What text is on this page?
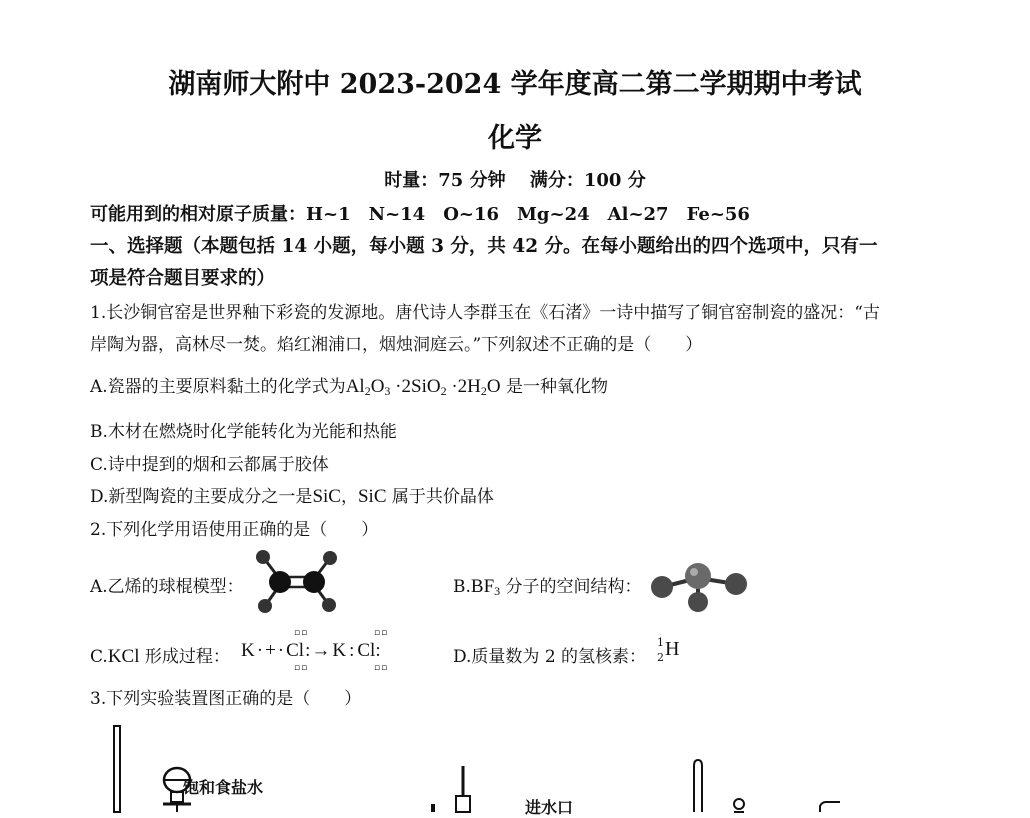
湖南师大附中 2023-2024 学年度高二第二学期期中考试
化学
时量：75 分钟　 满分：100 分
可能用到的相对原子质量：H~1　N~14　O~16　Mg~24　Al~27　Fe~56
一、选择题（本题包括 14 小题，每小题 3 分，共 42 分。在每小题给出的四个选项中，只有一
项是符合题目要求的）
1.长沙铜官窑是世界釉下彩瓷的发源地。唐代诗人李群玉在《石渚》一诗中描写了铜官窑制瓷的盛况：“古
岸陶为器，高林尽一焚。焰红湘浦口，烟烛洞庭云。”下列叙述不正确的是（　　）
A.瓷器的主要原料黏土的化学式为$Al_2O_3 \cdot 2SiO_2 \cdot 2H_2O$ 是一种氧化物
B.木材在燃烧时化学能转化为光能和热能
C.诗中提到的烟和云都属于胶体
D.新型陶瓷的主要成分之一是SiC，SiC 属于共价晶体
2.下列化学用语使用正确的是（　　）
A.乙烯的球棍模型：	$B.BF_3$ 分子的空间结构：
C.KCl 形成过程： K · + · Cl:→ K : Cl:
▫▫
▫▫
▫▫
▫▫
D.质量数为 2 的氢核素：
1
2 H
3.下列实验装置图正确的是（　　）
饱和食盐水
进水口
